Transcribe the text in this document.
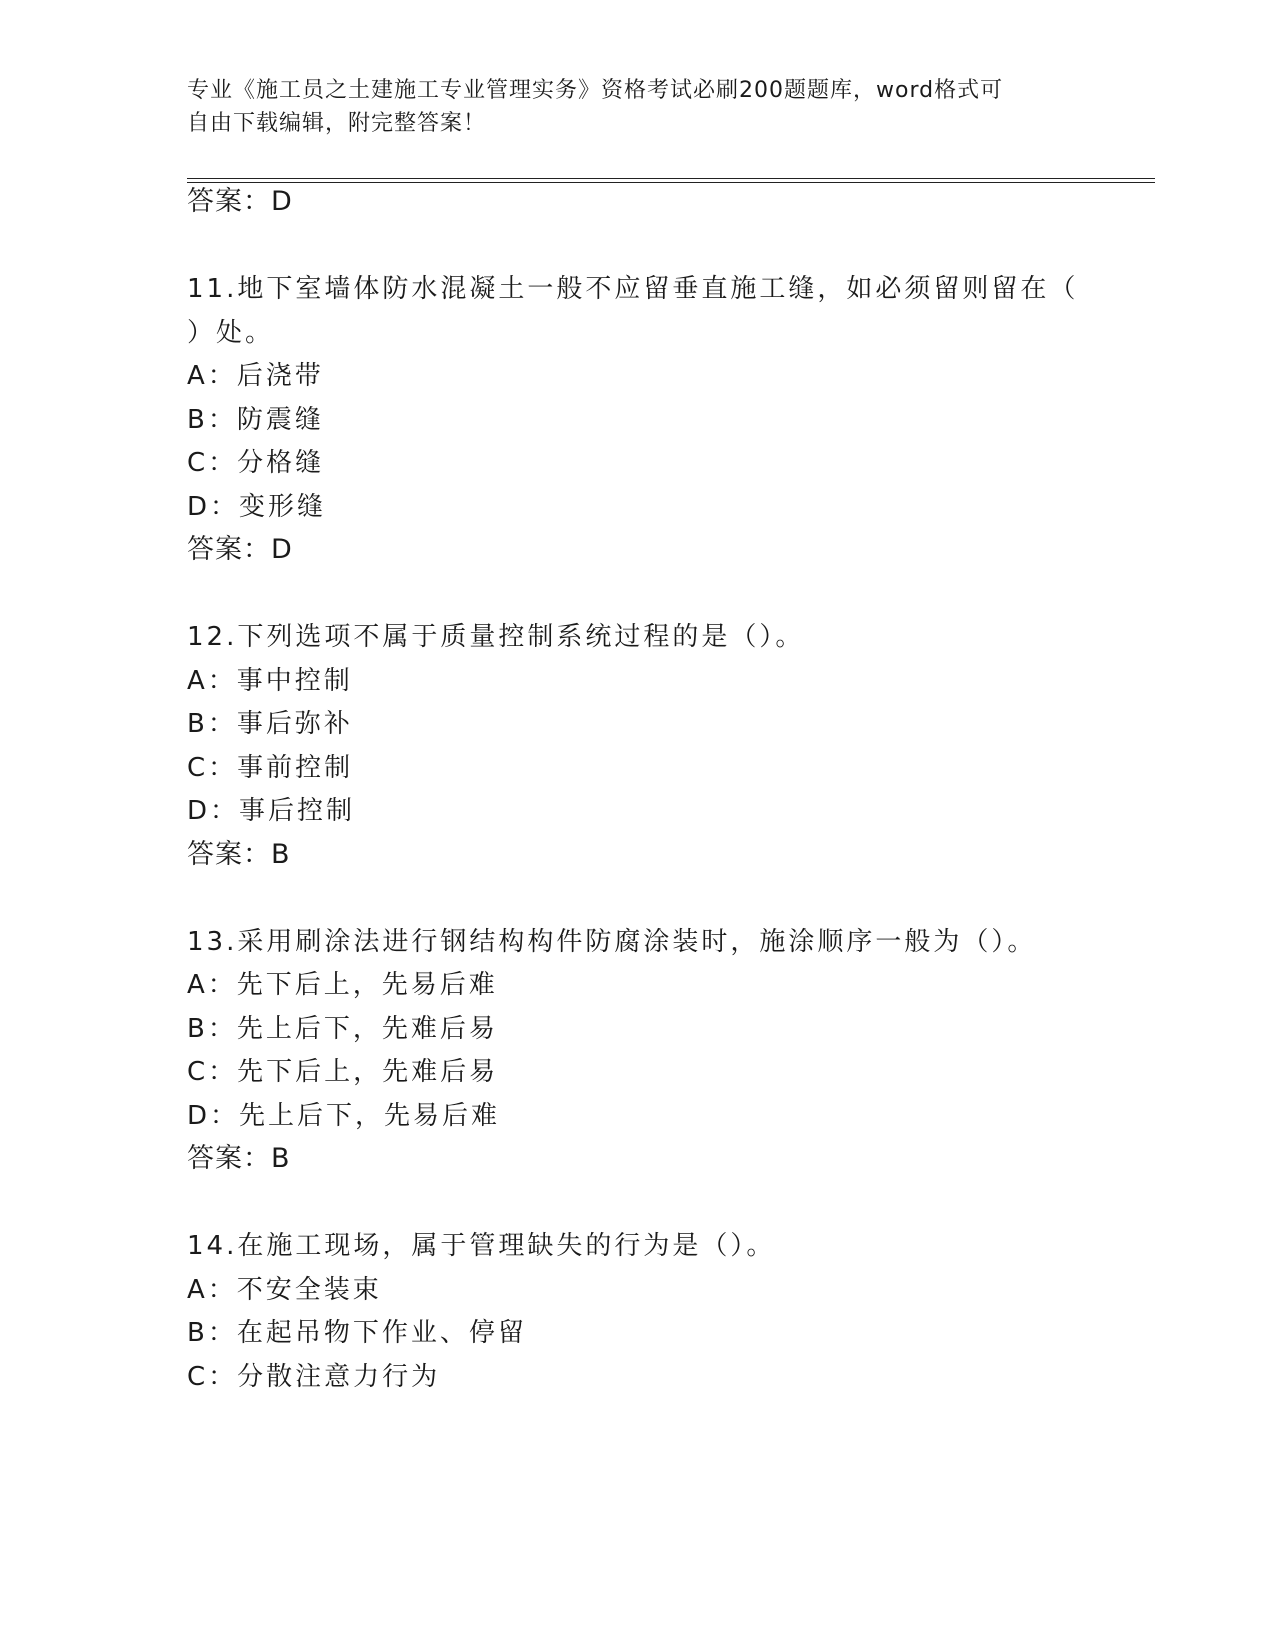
专业《施工员之土建施工专业管理实务》资格考试必刷200题题库，word格式可
自由下载编辑，附完整答案！
答案：D
11.地下室墙体防水混凝土一般不应留垂直施工缝，如必须留则留在（
）处。
A：后浇带
B：防震缝
C：分格缝
D：变形缝
答案：D
12.下列选项不属于质量控制系统过程的是（）。
A：事中控制
B：事后弥补
C：事前控制
D：事后控制
答案：B
13.采用刷涂法进行钢结构构件防腐涂装时，施涂顺序一般为（）。
A：先下后上，先易后难
B：先上后下，先难后易
C：先下后上，先难后易
D：先上后下，先易后难
答案：B
14.在施工现场，属于管理缺失的行为是（）。
A：不安全装束
B：在起吊物下作业、停留
C：分散注意力行为
